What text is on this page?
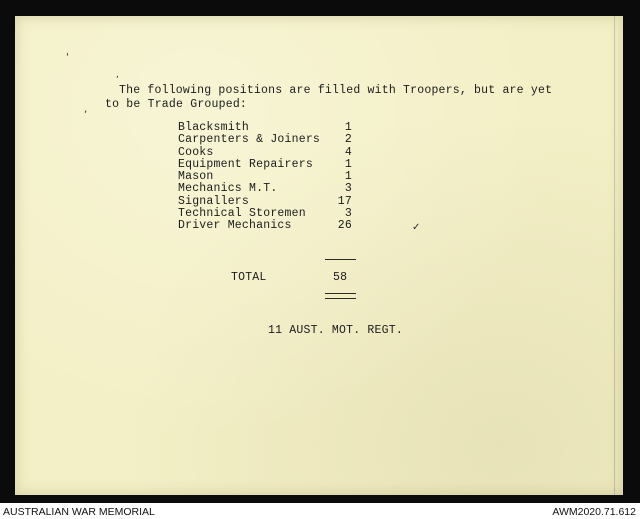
'
,
,
✓
The following positions are filled with Troopers, but are yet
to be Trade Grouped:
Blacksmith	1
Carpenters & Joiners 2
Cooks	4
Equipment Repairers	1
Mason	1
Mechanics M.T.	3
Signallers	17
Technical Storemen	3
Driver Mechanics	26
TOTAL	58
11 AUST. MOT. REGT.
AUSTRALIAN WAR MEMORIAL	AWM2020.71.612
